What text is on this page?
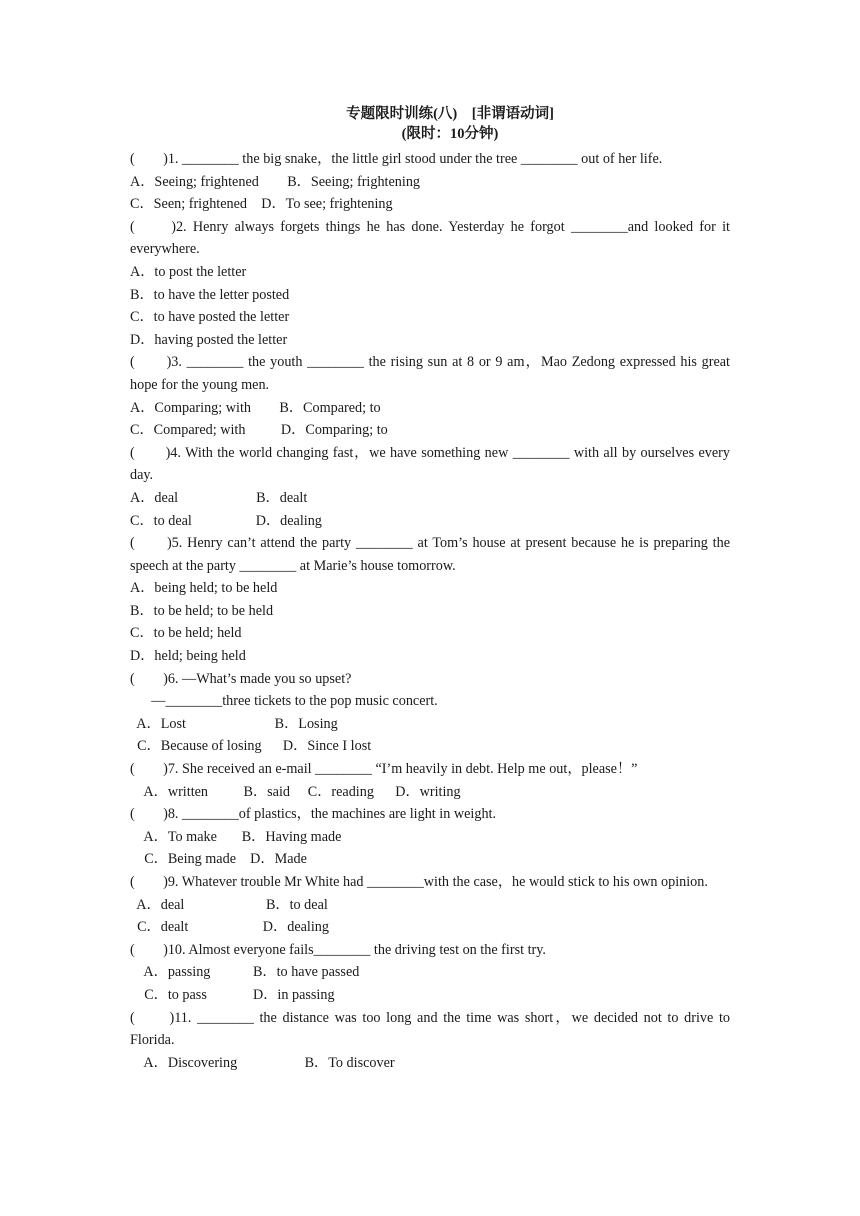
专题限时训练(八)　[非谓语动词]
(限时：10分钟)
(　　)1. ________ the big snake，the little girl stood under the tree ________ out of her life.
A．Seeing; frightened        B．Seeing; frightening
C．Seen; frightened    D．To see; frightening
(　　)2. Henry always forgets things he has done. Yesterday he forgot ________and looked for it everywhere.
A．to post the letter
B．to have the letter posted
C．to have posted the letter
D．having posted the letter
(　　)3. ________ the youth ________ the rising sun at 8 or 9 am，Mao Zedong expressed his great hope for the young men.
A．Comparing; with        B．Compared; to
C．Compared; with          D．Comparing; to
(　　)4. With the world changing fast，we have something new ________ with all by ourselves every day.
A．deal                      B．dealt
C．to deal                  D．dealing
(　　)5. Henry can’t attend the party ________ at Tom’s house at present because he is preparing the speech at the party ________ at Marie’s house tomorrow.
A．being held; to be held
B．to be held; to be held
C．to be held; held
D．held; being held
(　　)6. —What’s made you so upset?
—________three tickets to the pop music concert.
A．Lost                         B．Losing
C．Because of losing      D．Since I lost
(　　)7. She received an e-mail ________ “I’m heavily in debt. Help me out，please！”
A．written          B．said     C．reading      D．writing
(　　)8. ________of plastics，the machines are light in weight.
A．To make       B．Having made
C．Being made    D．Made
(　　)9. Whatever trouble Mr White had ________with the case，he would stick to his own opinion.
A．deal                       B．to deal
C．dealt                     D．dealing
(　　)10. Almost everyone fails________ the driving test on the first try.
A．passing            B．to have passed
C．to pass             D．in passing
(　　)11. ________ the distance was too long and the time was short，we decided not to drive to Florida.
A．Discovering                   B．To discover
